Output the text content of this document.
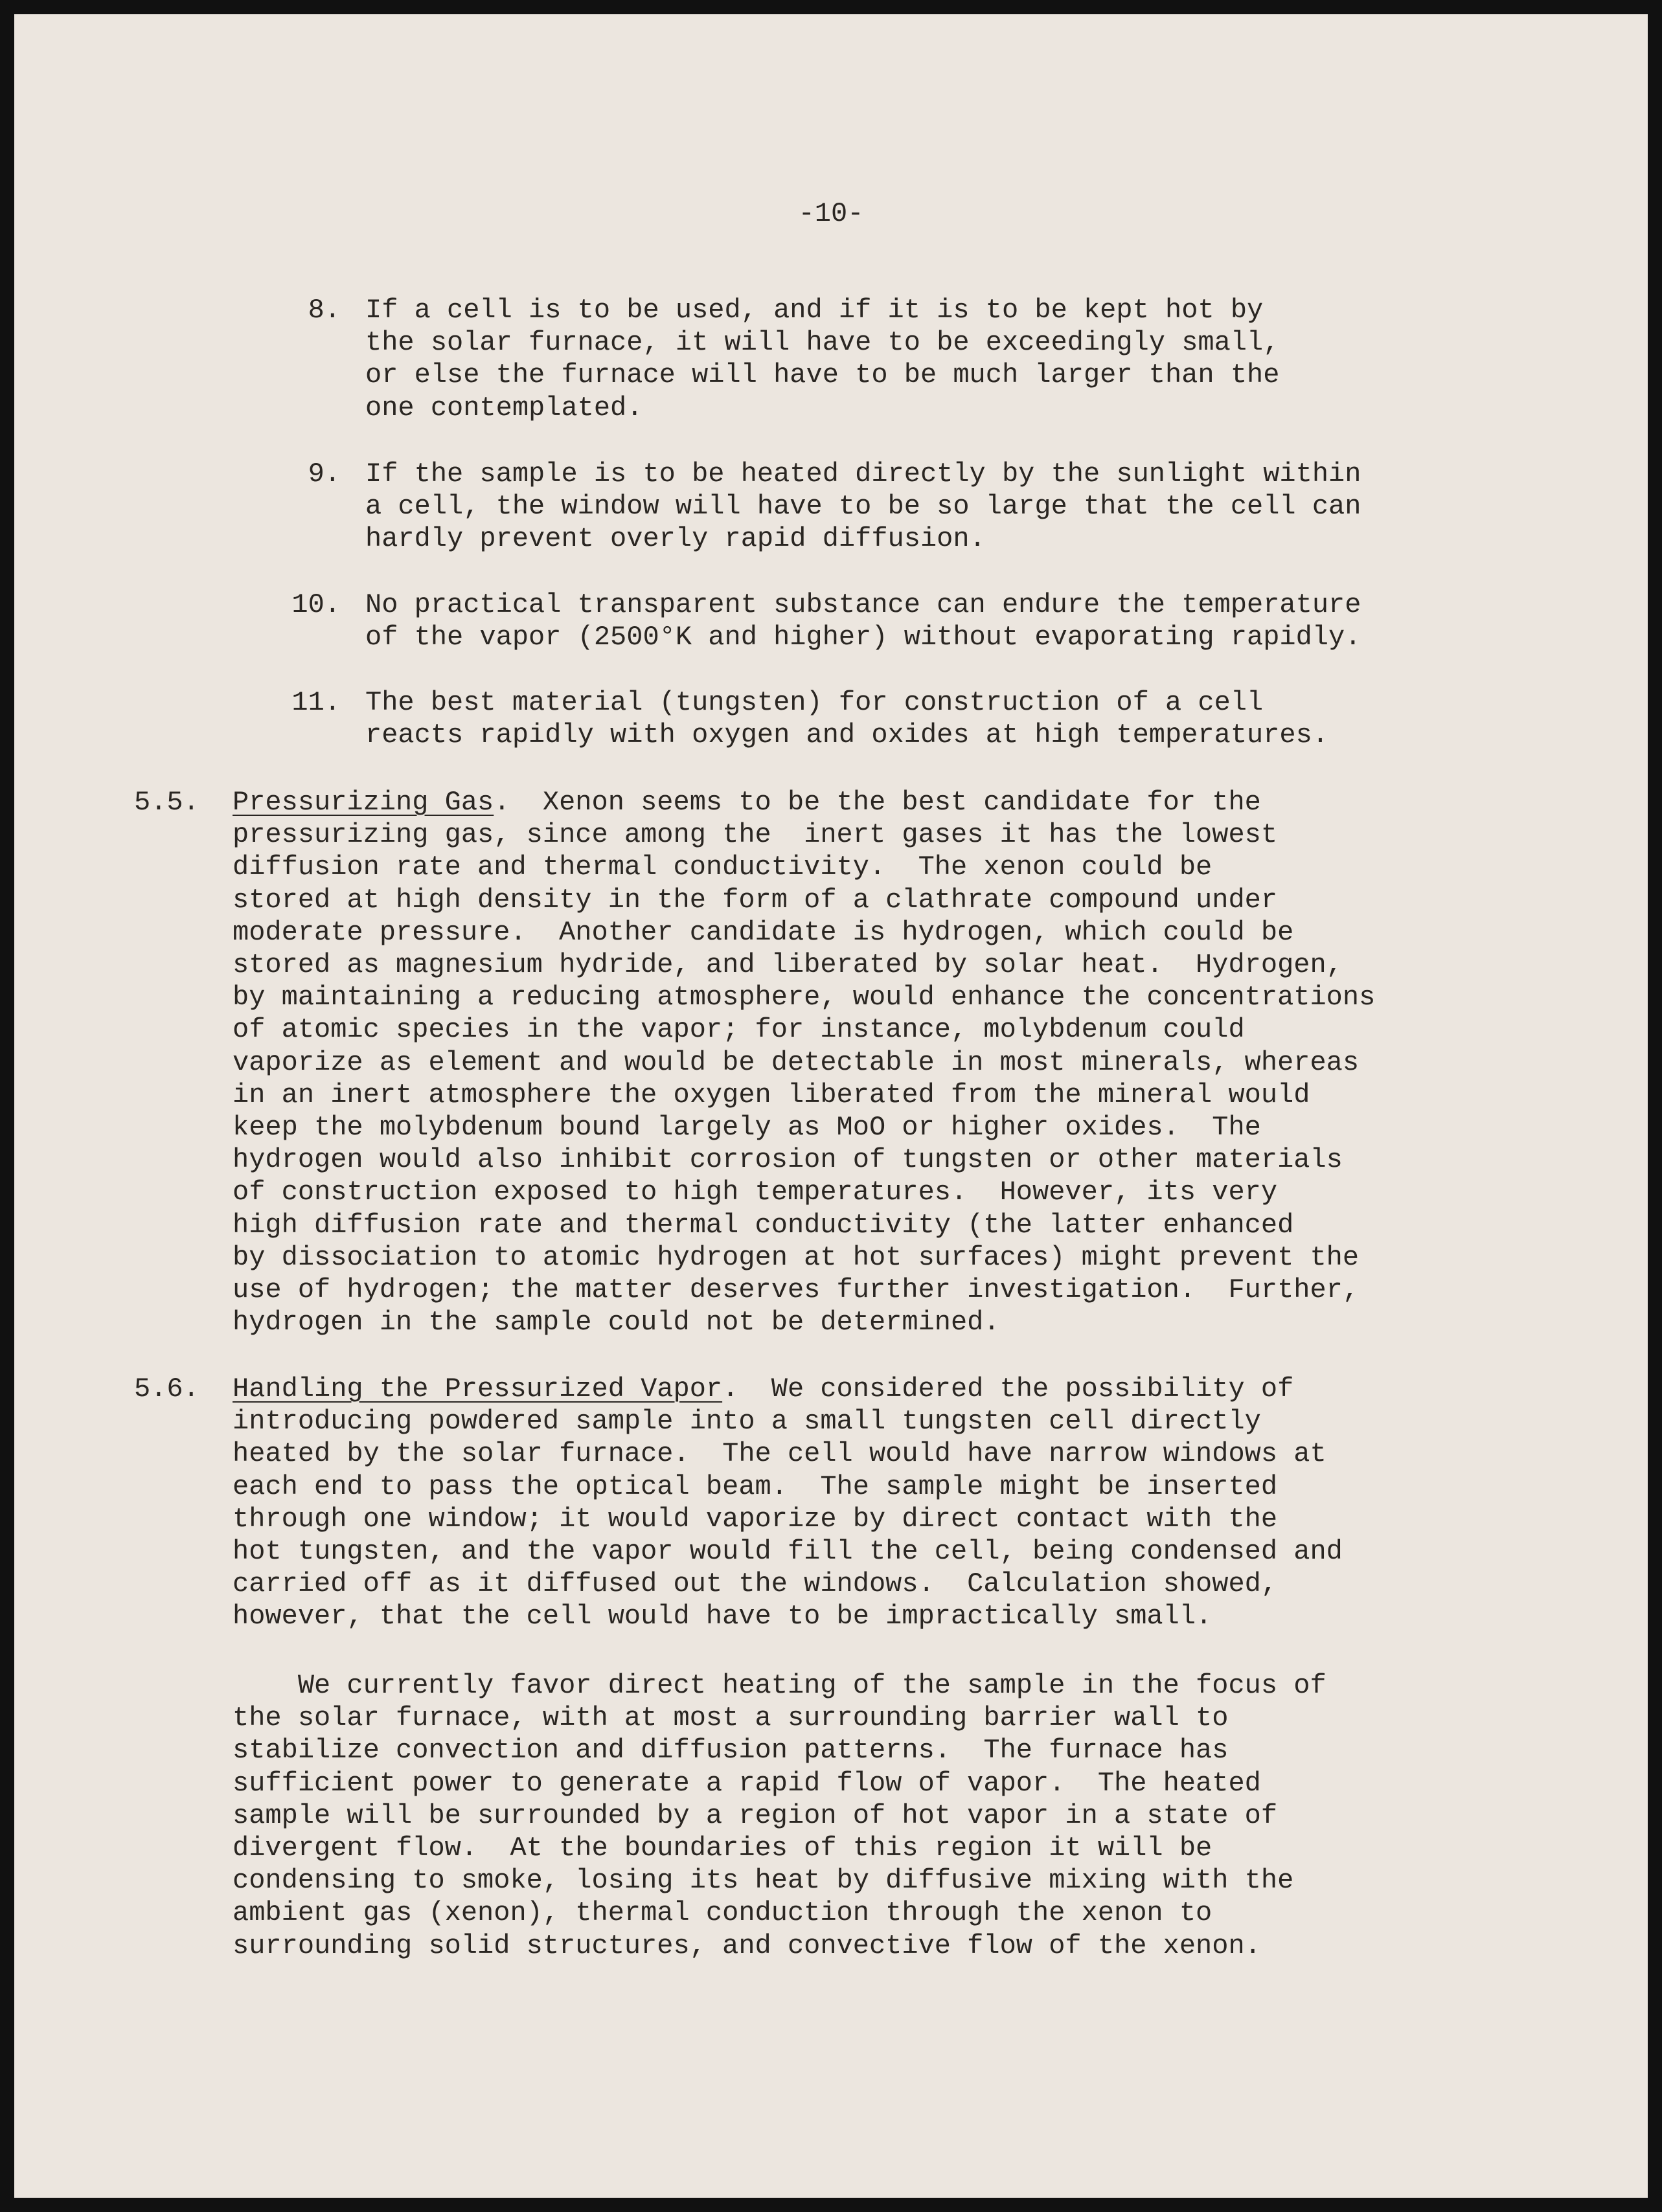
-10-
8. If a cell is to be used, and if it is to be kept hot by
the solar furnace, it will have to be exceedingly small,
or else the furnace will have to be much larger than the
one contemplated.
9. If the sample is to be heated directly by the sunlight within
a cell, the window will have to be so large that the cell can
hardly prevent overly rapid diffusion.
10. No practical transparent substance can endure the temperature
of the vapor (2500°K and higher) without evaporating rapidly.
11. The best material (tungsten) for construction of a cell
reacts rapidly with oxygen and oxides at high temperatures.
5.5. Pressurizing Gas.  Xenon seems to be the best candidate for the
pressurizing gas, since among the  inert gases it has the lowest
diffusion rate and thermal conductivity.  The xenon could be
stored at high density in the form of a clathrate compound under
moderate pressure.  Another candidate is hydrogen, which could be
stored as magnesium hydride, and liberated by solar heat.  Hydrogen,
by maintaining a reducing atmosphere, would enhance the concentrations
of atomic species in the vapor; for instance, molybdenum could
vaporize as element and would be detectable in most minerals, whereas
in an inert atmosphere the oxygen liberated from the mineral would
keep the molybdenum bound largely as MoO or higher oxides.  The
hydrogen would also inhibit corrosion of tungsten or other materials
of construction exposed to high temperatures.  However, its very
high diffusion rate and thermal conductivity (the latter enhanced
by dissociation to atomic hydrogen at hot surfaces) might prevent the
use of hydrogen; the matter deserves further investigation.  Further,
hydrogen in the sample could not be determined.
5.6. Handling the Pressurized Vapor.  We considered the possibility of
introducing powdered sample into a small tungsten cell directly
heated by the solar furnace.  The cell would have narrow windows at
each end to pass the optical beam.  The sample might be inserted
through one window; it would vaporize by direct contact with the
hot tungsten, and the vapor would fill the cell, being condensed and
carried off as it diffused out the windows.  Calculation showed,
however, that the cell would have to be impractically small.
We currently favor direct heating of the sample in the focus of
the solar furnace, with at most a surrounding barrier wall to
stabilize convection and diffusion patterns.  The furnace has
sufficient power to generate a rapid flow of vapor.  The heated
sample will be surrounded by a region of hot vapor in a state of
divergent flow.  At the boundaries of this region it will be
condensing to smoke, losing its heat by diffusive mixing with the
ambient gas (xenon), thermal conduction through the xenon to
surrounding solid structures, and convective flow of the xenon.
